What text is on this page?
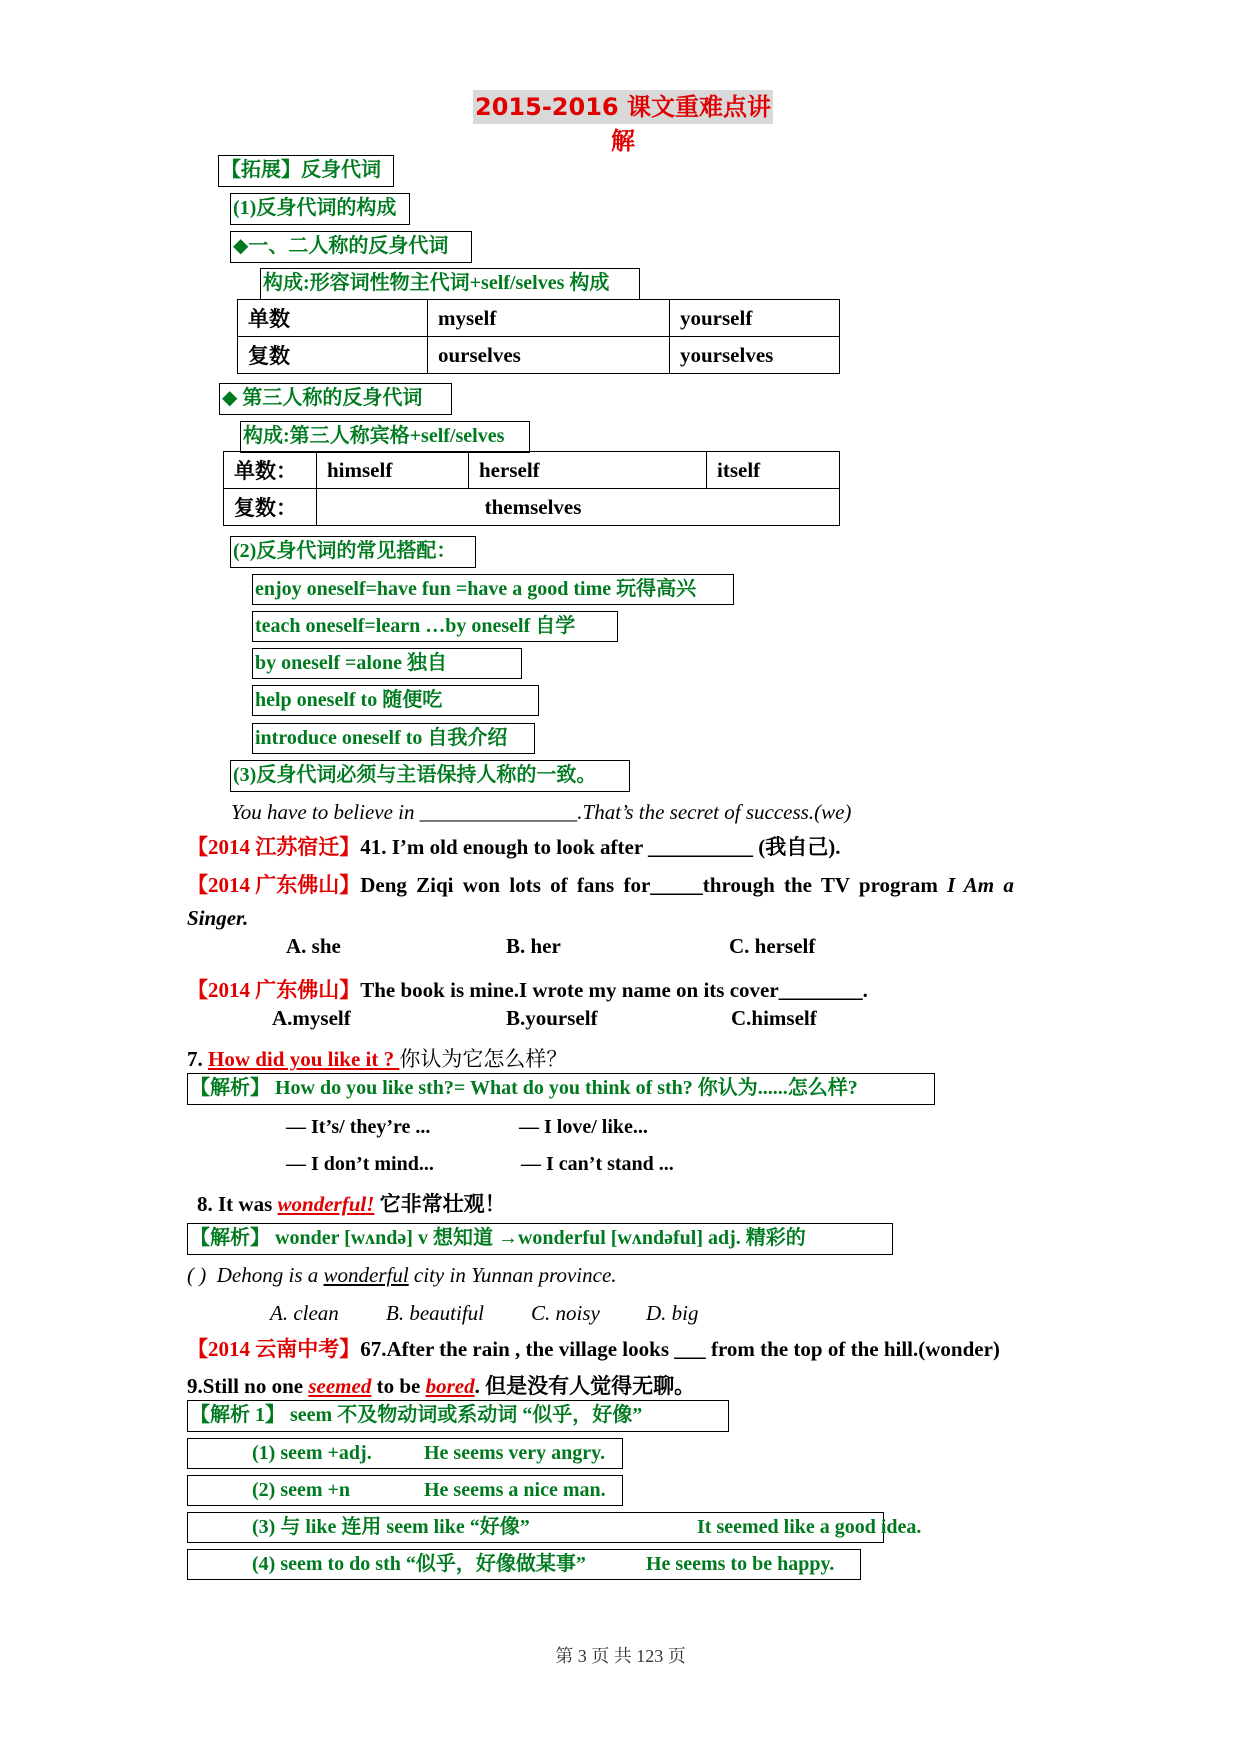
2015-2016 课文重难点讲解
【拓展】反身代词
(1)反身代词的构成
◆一、二人称的反身代词
构成:形容词性物主代词+self/selves 构成
单数	myself	yourself
复数	ourselves	yourselves
◆ 第三人称的反身代词
构成:第三人称宾格+self/selves
单数：	himself	herself	itself
复数：	themselves		
(2)反身代词的常见搭配：
enjoy oneself=have fun =have a good time 玩得高兴
teach oneself=learn …by oneself 自学
by oneself =alone 独自
help oneself to 随便吃
introduce oneself to 自我介绍
(3)反身代词必须与主语保持人称的一致。
You have to believe in _______________.That’s the secret of success.(we)
【2014 江苏宿迁】41. I’m old enough to look after __________ (我自己).
【2014 广东佛山】Deng Ziqi won lots of fans for_____through the TV program I Am a
Singer.
A. she	B. her	C. herself
【2014 广东佛山】The book is mine.I wrote my name on its cover________.
A.myself	B.yourself	C.himself
7. How did you like it ? 你认为它怎么样？
【解析】 How do you like sth?= What do you think of sth? 你认为......怎么样?
— It’s/ they’re ...	— I love/ like...
— I don’t mind...	— I can’t stand ...
8. It was wonderful! 它非常壮观！
【解析】 wonder [wʌndə] v 想知道 →wonderful [wʌndəful] adj. 精彩的
( ) Dehong is a wonderful city in Yunnan province.
A. clean B. beautiful C. noisy D. big
【2014 云南中考】67.After the rain , the village looks ___ from the top of the hill.(wonder)
9.Still no one seemed to be bored. 但是没有人觉得无聊。
【解析 1】 seem 不及物动词或系动词 “似乎，好像”
(1) seem +adj.	He seems very angry.
(2) seem +n	He seems a nice man.
(3) 与 like 连用 seem like “好像”	It seemed like a good idea.
(4) seem to do sth “似乎，好像做某事”	He seems to be happy.
第 3 页 共 123 页
